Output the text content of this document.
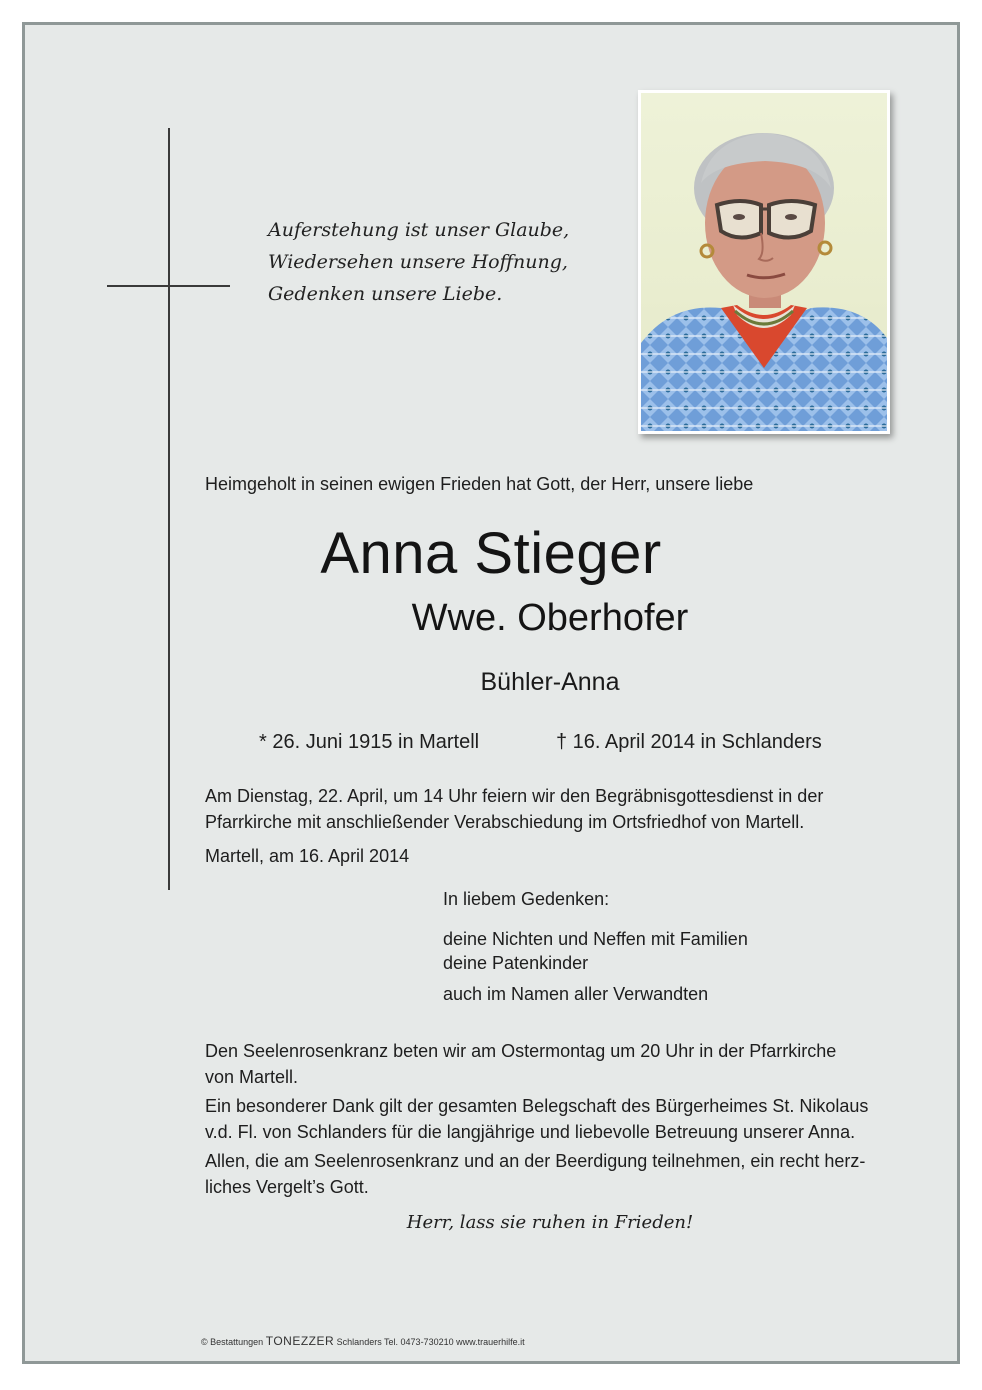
Auferstehung ist unser Glaube,
Wiedersehen unsere Hoffnung,
Gedenken unsere Liebe.
Heimgeholt in seinen ewigen Frieden hat Gott, der Herr, unsere liebe
Anna Stieger
Wwe. Oberhofer
Bühler-Anna
* 26. Juni 1915 in Martell	† 16. April 2014 in Schlanders
Am Dienstag, 22. April, um 14 Uhr feiern wir den Begräbnisgottesdienst in der
Pfarrkirche mit anschließender Verabschiedung im Ortsfriedhof von Martell.
Martell, am 16. April 2014
In liebem Gedenken:
deine Nichten und Neffen mit Familien
deine Patenkinder
auch im Namen aller Verwandten
Den Seelenrosenkranz beten wir am Ostermontag um 20 Uhr in der Pfarrkirche
von Martell.
Ein besonderer Dank gilt der gesamten Belegschaft des Bürgerheimes St. Nikolaus
v.d. Fl. von Schlanders für die langjährige und liebevolle Betreuung unserer Anna.
Allen, die am Seelenrosenkranz und an der Beerdigung teilnehmen, ein recht herz-
liches Vergelt’s Gott.
Herr, lass sie ruhen in Frieden!
© Bestattungen TONEZZER Schlanders Tel. 0473-730210 www.trauerhilfe.it
